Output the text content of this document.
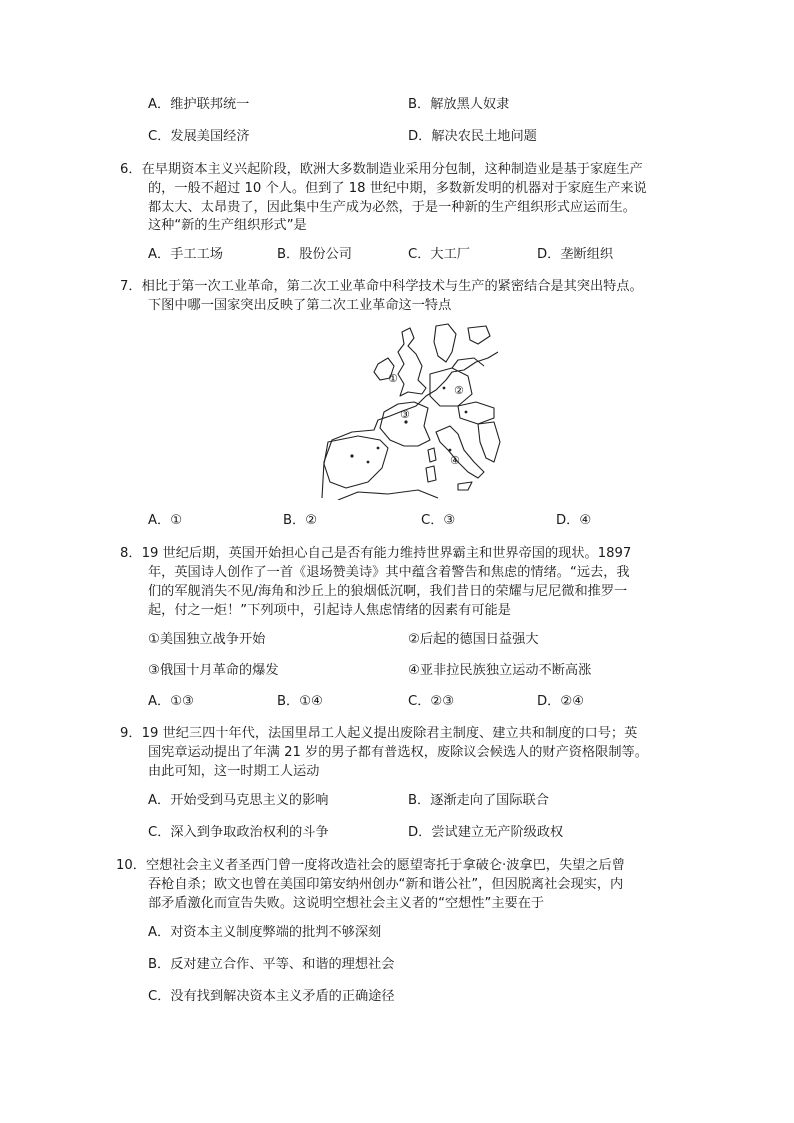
A．维护联邦统一	B．解放黑人奴隶
C．发展美国经济	D．解决农民土地问题
6．在早期资本主义兴起阶段，欧洲大多数制造业采用分包制，这种制造业是基于家庭生产
的，一般不超过 10 个人。但到了 18 世纪中期，多数新发明的机器对于家庭生产来说
都太大、太昂贵了，因此集中生产成为必然，于是一种新的生产组织形式应运而生。
这种“新的生产组织形式”是
A．手工工场	B．股份公司	C．大工厂	D．垄断组织
7．相比于第一次工业革命，第二次工业革命中科学技术与生产的紧密结合是其突出特点。
下图中哪一国家突出反映了第二次工业革命这一特点
①
②
③
④
A．①	B．②	C．③	D．④
8．19 世纪后期，英国开始担心自己是否有能力维持世界霸主和世界帝国的现状。1897
年，英国诗人创作了一首《退场赞美诗》其中蕴含着警告和焦虑的情绪。“远去，我
们的军舰消失不见/海角和沙丘上的狼烟低沉啊，我们昔日的荣耀与尼尼微和推罗一
起，付之一炬！”下列项中，引起诗人焦虑情绪的因素有可能是
①美国独立战争开始	②后起的德国日益强大
③俄国十月革命的爆发	④亚非拉民族独立运动不断高涨
A．①③	B．①④	C．②③	D．②④
9．19 世纪三四十年代，法国里昂工人起义提出废除君主制度、建立共和制度的口号；英
国宪章运动提出了年满 21 岁的男子都有普选权，废除议会候选人的财产资格限制等。
由此可知，这一时期工人运动
A．开始受到马克思主义的影响	B．逐渐走向了国际联合
C．深入到争取政治权利的斗争	D．尝试建立无产阶级政权
10．空想社会主义者圣西门曾一度将改造社会的愿望寄托于拿破仑·波拿巴，失望之后曾
吞枪自杀；欧文也曾在美国印第安纳州创办“新和谐公社”，但因脱离社会现实，内
部矛盾激化而宣告失败。这说明空想社会主义者的“空想性”主要在于
A．对资本主义制度弊端的批判不够深刻
B．反对建立合作、平等、和谐的理想社会
C．没有找到解决资本主义矛盾的正确途径
